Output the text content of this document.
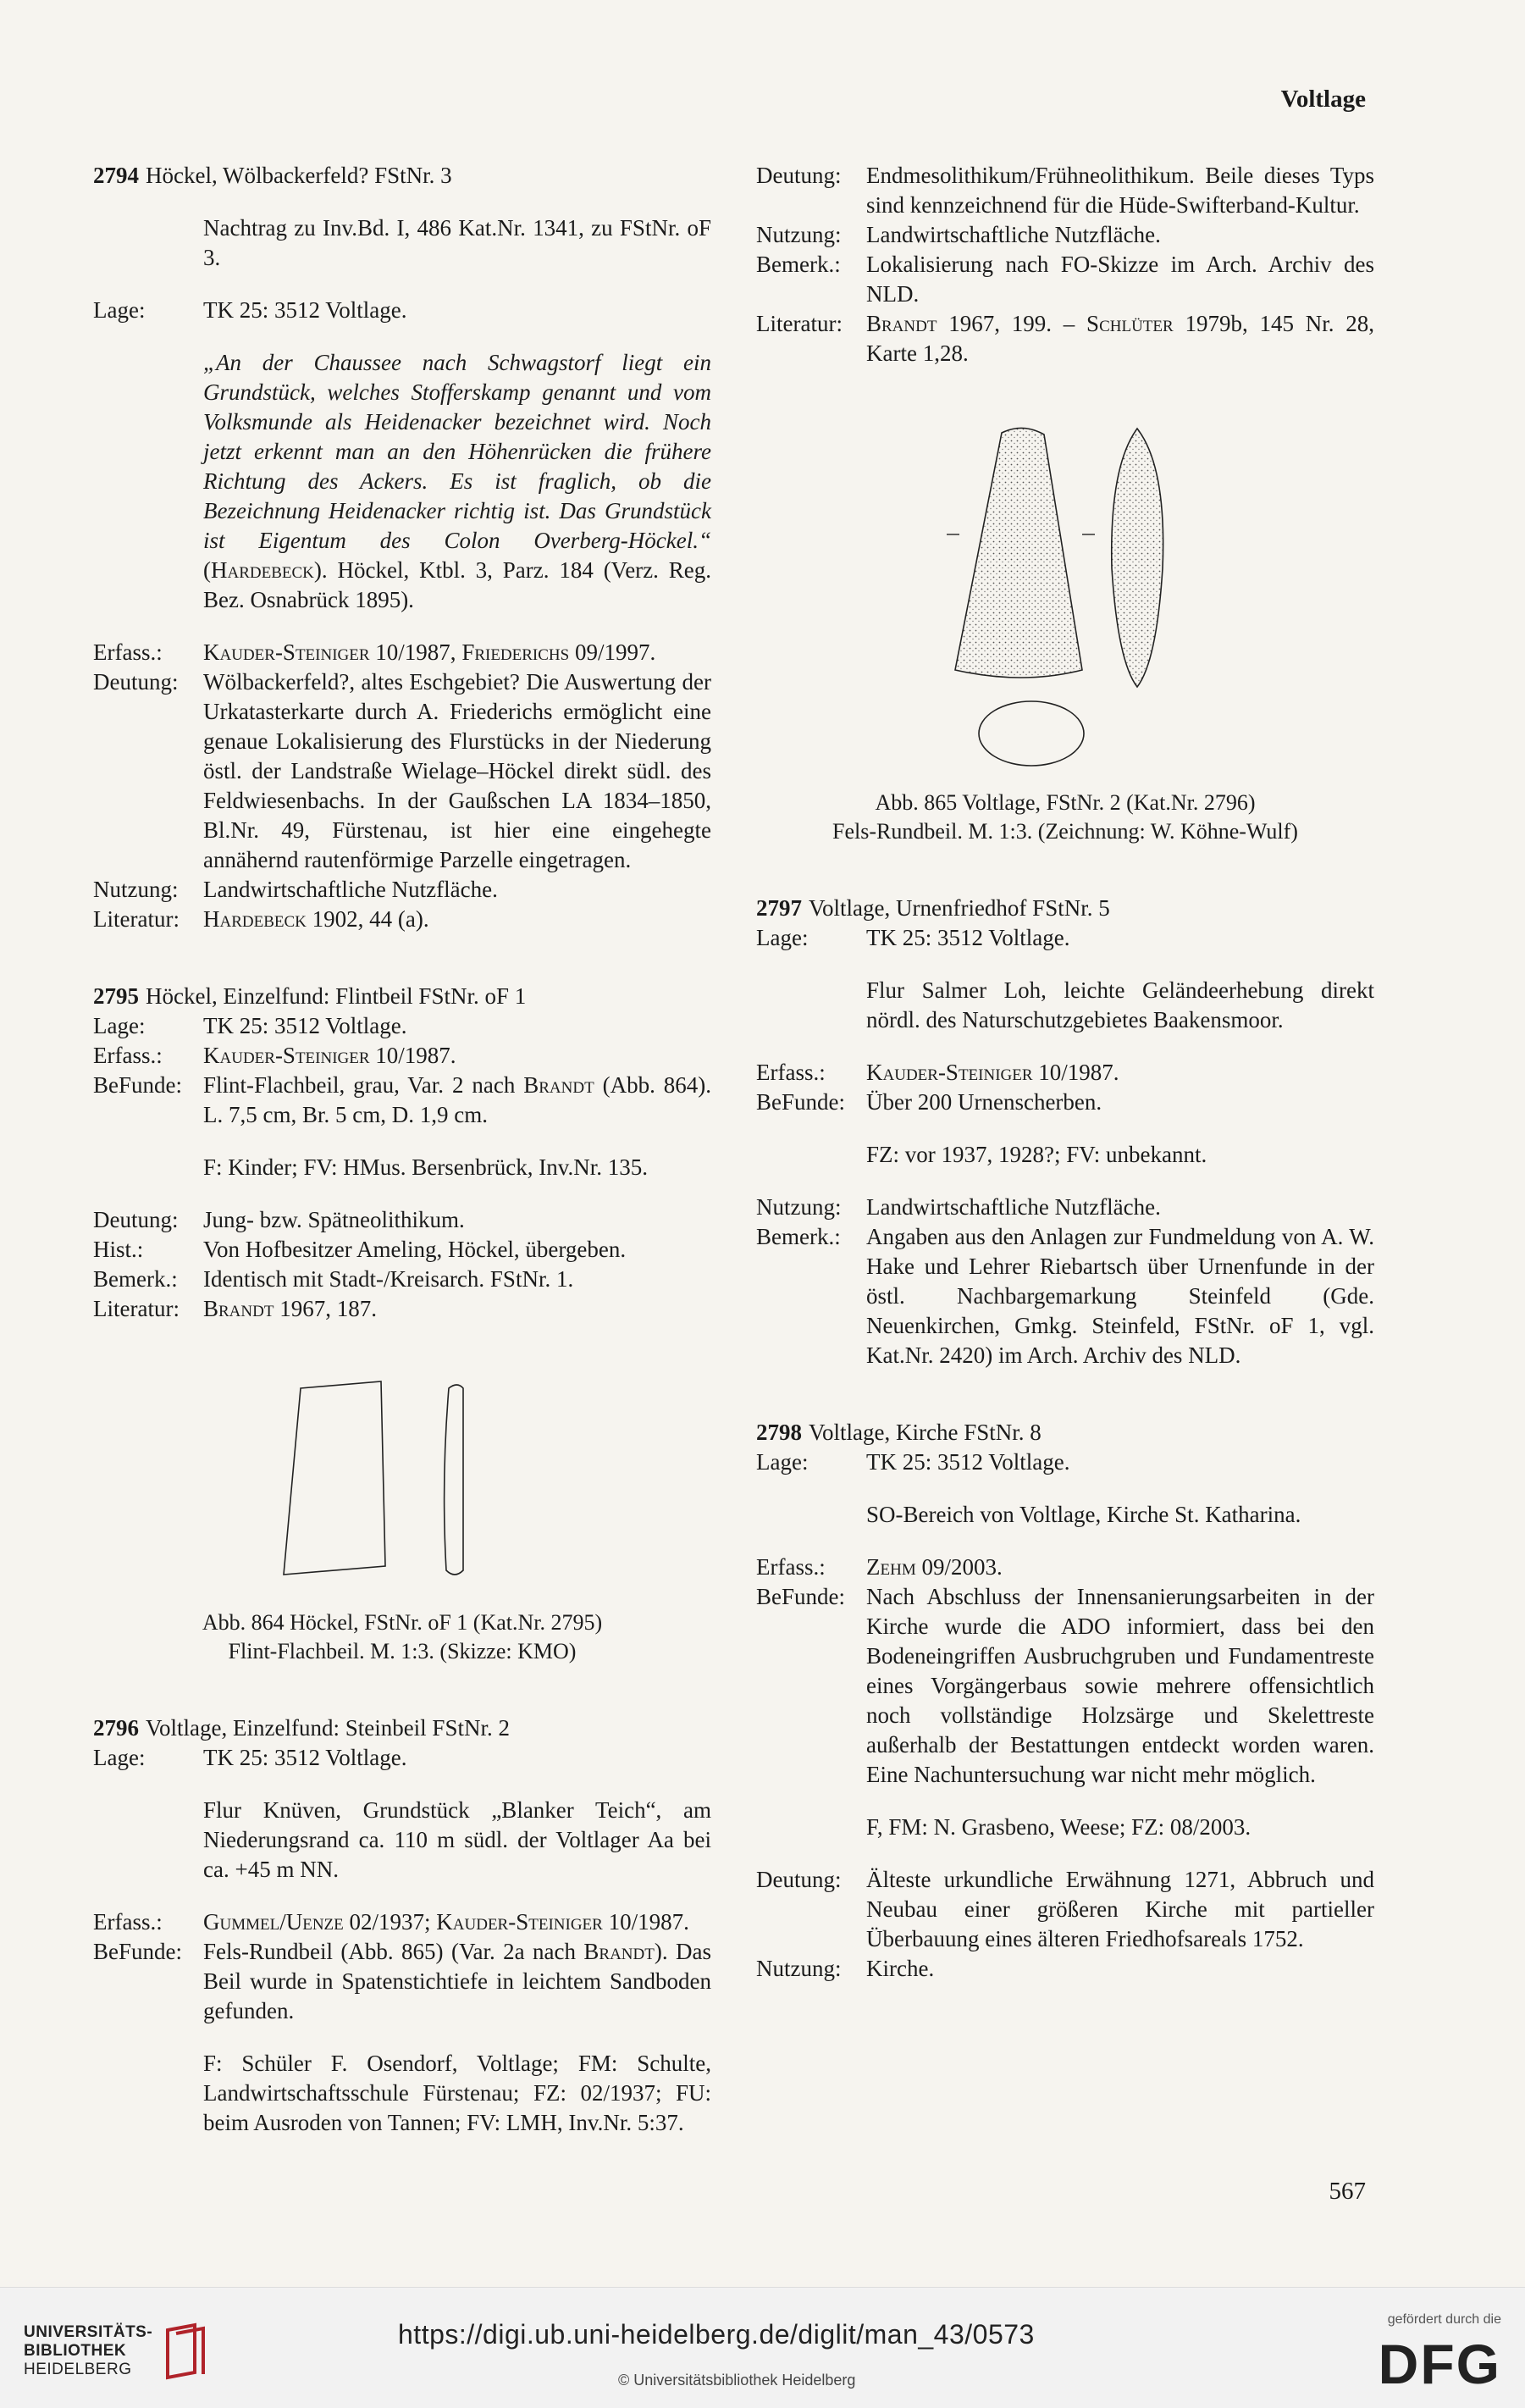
Voltlage

2794 Höckel, Wölbackerfeld? FStNr. 3

Nachtrag zu Inv.Bd. I, 486 Kat.Nr. 1341, zu FStNr. oF 3.

Lage:	TK 25: 3512 Voltlage.

„An der Chaussee nach Schwagstorf liegt ein Grundstück, welches Stofferskamp genannt und vom Volksmunde als Heidenacker bezeichnet wird. Noch jetzt erkennt man an den Höhenrücken die frühere Richtung des Ackers. Es ist fraglich, ob die Bezeichnung Heidenacker richtig ist. Das Grundstück ist Eigentum des Colon Overberg-Höckel.“ (Hardebeck). Höckel, Ktbl. 3, Parz. 184 (Verz. Reg. Bez. Osnabrück 1895).

Erfass.:	Kauder-Steiniger 10/1987, Friederichs 09/1997.
Deutung:	Wölbackerfeld?, altes Eschgebiet? Die Auswertung der Urkatasterkarte durch A. Friederichs ermöglicht eine genaue Lokalisierung des Flurstücks in der Niederung östl. der Landstraße Wielage–Höckel direkt südl. des Feldwiesenbachs. In der Gaußschen LA 1834–1850, Bl.Nr. 49, Fürstenau, ist hier eine eingehegte annähernd rautenförmige Parzelle eingetragen.
Nutzung:	Landwirtschaftliche Nutzfläche.
Literatur:	Hardebeck 1902, 44 (a).

2795 Höckel, Einzelfund: Flintbeil FStNr. oF 1

Lage:	TK 25: 3512 Voltlage.
Erfass.:	Kauder-Steiniger 10/1987.
BeFunde: Flint-Flachbeil, grau, Var. 2 nach Brandt (Abb. 864). L. 7,5 cm, Br. 5 cm, D. 1,9 cm.

F: Kinder; FV: HMus. Bersenbrück, Inv.Nr. 135.

Deutung:	Jung- bzw. Spätneolithikum.
Hist.:	Von Hofbesitzer Ameling, Höckel, übergeben.
Bemerk.:	Identisch mit Stadt-/Kreisarch. FStNr. 1.
Literatur:	Brandt 1967, 187.
Abb. 864 Höckel, FStNr. oF 1 (Kat.Nr. 2795)
Flint-Flachbeil. M. 1:3. (Skizze: KMO)

2796 Voltlage, Einzelfund: Steinbeil FStNr. 2

Lage:	TK 25: 3512 Voltlage.

Flur Knüven, Grundstück „Blanker Teich“, am Niederungsrand ca. 110 m südl. der Voltlager Aa bei ca. +45 m NN.

Erfass.:	Gummel/Uenze 02/1937; Kauder-Steiniger 10/1987.
BeFunde: Fels-Rundbeil (Abb. 865) (Var. 2a nach Brandt). Das Beil wurde in Spatenstichtiefe in leichtem Sandboden gefunden.

F: Schüler F. Osendorf, Voltlage; FM: Schulte, Landwirtschaftsschule Fürstenau; FZ: 02/1937; FU: beim Ausroden von Tannen; FV: LMH, Inv.Nr. 5:37.

Deutung:	Endmesolithikum/Frühneolithikum. Beile dieses Typs sind kennzeichnend für die Hüde-Swifterband-Kultur.
Nutzung:	Landwirtschaftliche Nutzfläche.
Bemerk.:	Lokalisierung nach FO-Skizze im Arch. Archiv des NLD.
Literatur:	Brandt 1967, 199. – Schlüter 1979b, 145 Nr. 28, Karte 1,28.
Abb. 865 Voltlage, FStNr. 2 (Kat.Nr. 2796)
Fels-Rundbeil. M. 1:3. (Zeichnung: W. Köhne-Wulf)

2797 Voltlage, Urnenfriedhof FStNr. 5

Lage:	TK 25: 3512 Voltlage.

Flur Salmer Loh, leichte Geländeerhebung direkt nördl. des Naturschutzgebietes Baakensmoor.

Erfass.:	Kauder-Steiniger 10/1987.
BeFunde: Über 200 Urnenscherben.

FZ: vor 1937, 1928?; FV: unbekannt.

Nutzung:	Landwirtschaftliche Nutzfläche.
Bemerk.:	Angaben aus den Anlagen zur Fundmeldung von A. W. Hake und Lehrer Riebartsch über Urnenfunde in der östl. Nachbargemarkung Steinfeld (Gde. Neuenkirchen, Gmkg. Steinfeld, FStNr. oF 1, vgl. Kat.Nr. 2420) im Arch. Archiv des NLD.

2798 Voltlage, Kirche FStNr. 8

Lage:	TK 25: 3512 Voltlage.

SO-Bereich von Voltlage, Kirche St. Katharina.

Erfass.:	Zehm 09/2003.
BeFunde: Nach Abschluss der Innensanierungsarbeiten in der Kirche wurde die ADO informiert, dass bei den Bodeneingriffen Ausbruchgruben und Fundamentreste eines Vorgängerbaus sowie mehrere offensichtlich noch vollständige Holzsärge und Skelettreste außerhalb der Bestattungen entdeckt worden waren. Eine Nachuntersuchung war nicht mehr möglich.

F, FM: N. Grasbeno, Weese; FZ: 08/2003.

Deutung:	Älteste urkundliche Erwähnung 1271, Abbruch und Neubau einer größeren Kirche mit partieller Überbauung eines älteren Friedhofsareals 1752.
Nutzung:	Kirche.
567
UNIVERSITÄTS-
BIBLIOTHEK
HEIDELBERG
https://digi.ub.uni-heidelberg.de/diglit/man_43/0573
© Universitätsbibliothek Heidelberg
gefördert durch die
DFG
